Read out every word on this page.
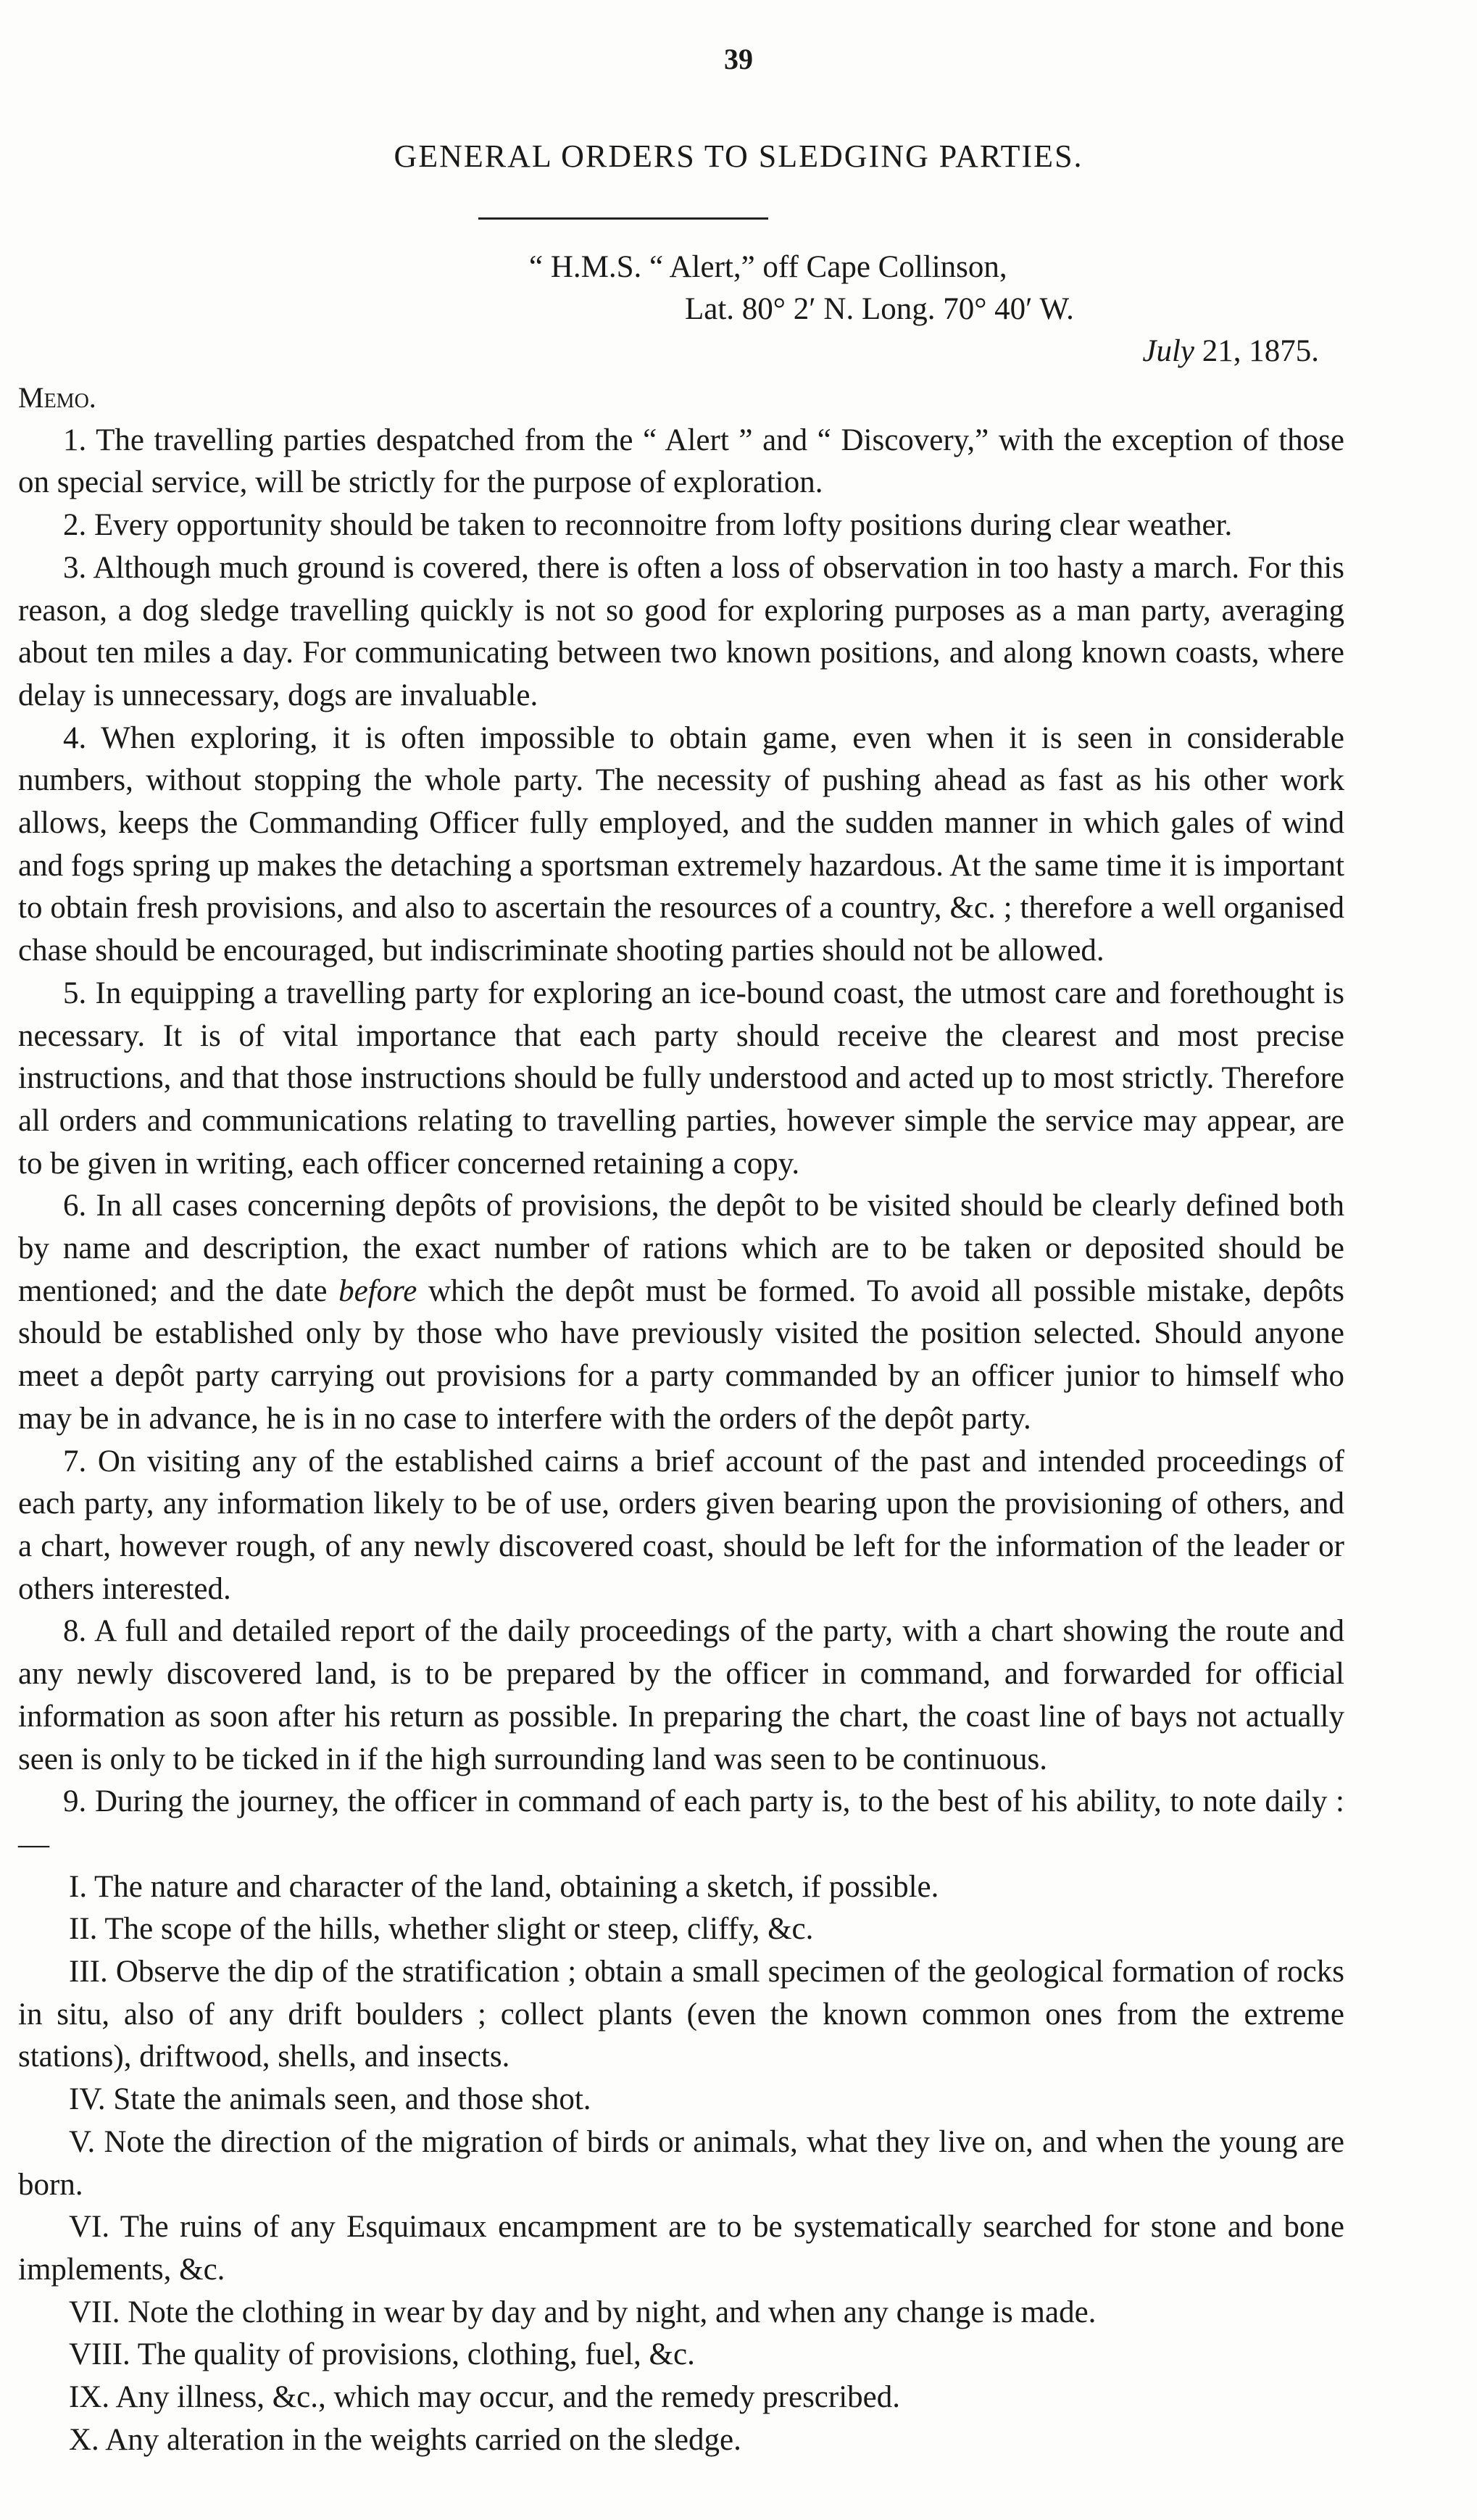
39
GENERAL ORDERS TO SLEDGING PARTIES.
“ H.M.S. “ Alert,” off Cape Collinson,
Lat. 80° 2′ N. Long. 70° 40′ W.
July 21, 1875.

Memo.

1. The travelling parties despatched from the “ Alert ” and “ Discovery,” with the exception of those on special service, will be strictly for the purpose of exploration.

2. Every opportunity should be taken to reconnoitre from lofty positions during clear weather.

3. Although much ground is covered, there is often a loss of observation in too hasty a march. For this reason, a dog sledge travelling quickly is not so good for exploring purposes as a man party, averaging about ten miles a day. For communicating between two known positions, and along known coasts, where delay is unnecessary, dogs are invaluable.

4. When exploring, it is often impossible to obtain game, even when it is seen in considerable numbers, without stopping the whole party. The necessity of pushing ahead as fast as his other work allows, keeps the Commanding Officer fully employed, and the sudden manner in which gales of wind and fogs spring up makes the detaching a sportsman extremely hazardous. At the same time it is important to obtain fresh provisions, and also to ascertain the resources of a country, &c. ; therefore a well organised chase should be encouraged, but indiscriminate shooting parties should not be allowed.

5. In equipping a travelling party for exploring an ice-bound coast, the utmost care and forethought is necessary. It is of vital importance that each party should receive the clearest and most precise instructions, and that those instructions should be fully understood and acted up to most strictly. Therefore all orders and communications relating to travelling parties, however simple the service may appear, are to be given in writing, each officer concerned retaining a copy.

6. In all cases concerning depôts of provisions, the depôt to be visited should be clearly defined both by name and description, the exact number of rations which are to be taken or deposited should be mentioned; and the date before which the depôt must be formed. To avoid all possible mistake, depôts should be established only by those who have previously visited the position selected. Should anyone meet a depôt party carrying out provisions for a party commanded by an officer junior to himself who may be in advance, he is in no case to interfere with the orders of the depôt party.

7. On visiting any of the established cairns a brief account of the past and intended proceedings of each party, any information likely to be of use, orders given bearing upon the provisioning of others, and a chart, however rough, of any newly discovered coast, should be left for the information of the leader or others interested.

8. A full and detailed report of the daily proceedings of the party, with a chart showing the route and any newly discovered land, is to be prepared by the officer in command, and forwarded for official information as soon after his return as possible. In preparing the chart, the coast line of bays not actually seen is only to be ticked in if the high surrounding land was seen to be continuous.

9. During the journey, the officer in command of each party is, to the best of his ability, to note daily :—

I. The nature and character of the land, obtaining a sketch, if possible.

II. The scope of the hills, whether slight or steep, cliffy, &c.

III. Observe the dip of the stratification ; obtain a small specimen of the geological formation of rocks in situ, also of any drift boulders ; collect plants (even the known common ones from the extreme stations), driftwood, shells, and insects.

IV. State the animals seen, and those shot.

V. Note the direction of the migration of birds or animals, what they live on, and when the young are born.

VI. The ruins of any Esquimaux encampment are to be systematically searched for stone and bone implements, &c.

VII. Note the clothing in wear by day and by night, and when any change is made.

VIII. The quality of provisions, clothing, fuel, &c.

IX. Any illness, &c., which may occur, and the remedy prescribed.

X. Any alteration in the weights carried on the sledge.
